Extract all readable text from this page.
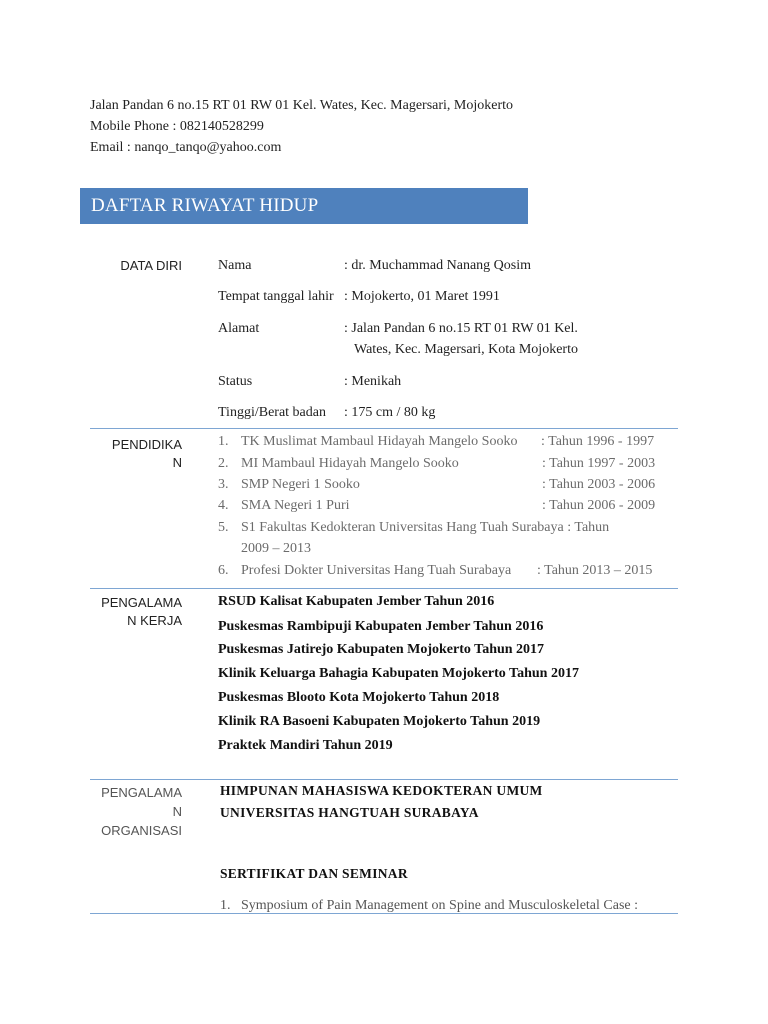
Jalan Pandan 6 no.15 RT 01 RW 01 Kel. Wates, Kec. Magersari, Mojokerto
Mobile Phone : 082140528299
Email : nanqo_tanqo@yahoo.com
DAFTAR RIWAYAT HIDUP
DATA DIRI	Nama	: dr. Muchammad Nanang Qosim
Tempat tanggal lahir : Mojokerto, 01 Maret 1991
Alamat	: Jalan Pandan 6 no.15 RT 01 RW 01 Kel.
Wates, Kec. Magersari, Kota Mojokerto
Status	: Menikah
Tinggi/Berat badan : 175 cm / 80 kg
PENDIDIKA
N
1. TK Muslimat Mambaul Hidayah Mangelo Sooko : Tahun 1996 - 1997
2. MI Mambaul Hidayah Mangelo Sooko	: Tahun 1997 - 2003
3. SMP Negeri 1 Sooko	: Tahun 2003 - 2006
4. SMA Negeri 1 Puri	: Tahun 2006 - 2009
5. S1 Fakultas Kedokteran Universitas Hang Tuah Surabaya : Tahun
2009 – 2013
6. Profesi Dokter Universitas Hang Tuah Surabaya : Tahun 2013 – 2015
PENGALAMA
N KERJA
RSUD Kalisat Kabupaten Jember Tahun 2016
Puskesmas Rambipuji Kabupaten Jember Tahun 2016
Puskesmas Jatirejo Kabupaten Mojokerto Tahun 2017
Klinik Keluarga Bahagia Kabupaten Mojokerto Tahun 2017
Puskesmas Blooto Kota Mojokerto Tahun 2018
Klinik RA Basoeni Kabupaten Mojokerto Tahun 2019
Praktek Mandiri Tahun 2019
PENGALAMA
N
ORGANISASI
HIMPUNAN MAHASISWA KEDOKTERAN UMUM
UNIVERSITAS HANGTUAH SURABAYA
SERTIFIKAT DAN SEMINAR
1. Symposium of Pain Management on Spine and Musculoskeletal Case :
